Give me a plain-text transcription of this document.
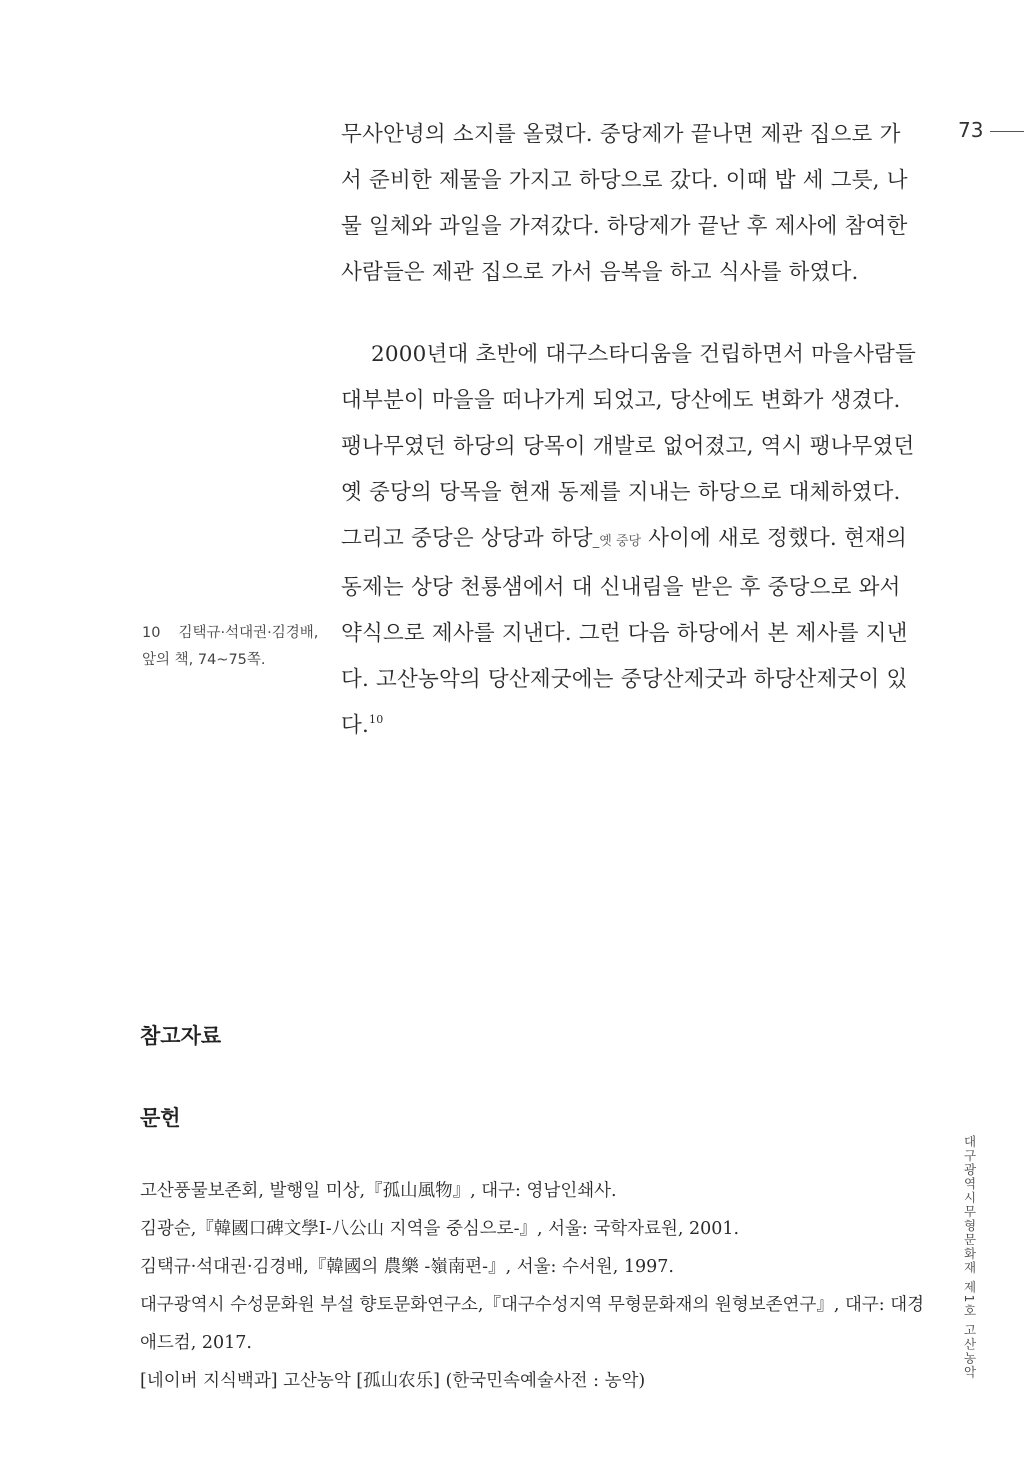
73

무사안녕의 소지를 올렸다. 중당제가 끝나면 제관 집으로 가서 준비한 제물을 가지고 하당으로 갔다. 이때 밥 세 그릇, 나물 일체와 과일을 가져갔다. 하당제가 끝난 후 제사에 참여한 사람들은 제관 집으로 가서 음복을 하고 식사를 하였다.

2000년대 초반에 대구스타디움을 건립하면서 마을사람들 대부분이 마을을 떠나가게 되었고, 당산에도 변화가 생겼다. 팽나무였던 하당의 당목이 개발로 없어졌고, 역시 팽나무였던 옛 중당의 당목을 현재 동제를 지내는 하당으로 대체하였다. 그리고 중당은 상당과 하당_옛 중당 사이에 새로 정했다. 현재의 동제는 상당 천룡샘에서 대 신내림을 받은 후 중당으로 와서 약식으로 제사를 지낸다. 그런 다음 하당에서 본 제사를 지낸다. 고산농악의 당산제굿에는 중당산제굿과 하당산제굿이 있다.$^{10}$

10 김택규·석대권·김경배, 앞의 책, 74~75쪽.
참고자료
문헌
고산풍물보존회, 발행일 미상,『孤山風物』, 대구: 영남인쇄사.
김광순,『韓國口碑文學Ⅰ-八公山 지역을 중심으로-』, 서울: 국학자료원, 2001.
김택규·석대권·김경배,『韓國의 農樂 -嶺南편-』, 서울: 수서원, 1997.
대구광역시 수성문화원 부설 향토문화연구소,『대구수성지역 무형문화재의 원형보존연구』, 대구: 대경애드컴, 2017.
[네이버 지식백과] 고산농악 [孤山农乐] (한국민속예술사전 : 농악)
대구광역시무형문화재 제1호 고산농악
